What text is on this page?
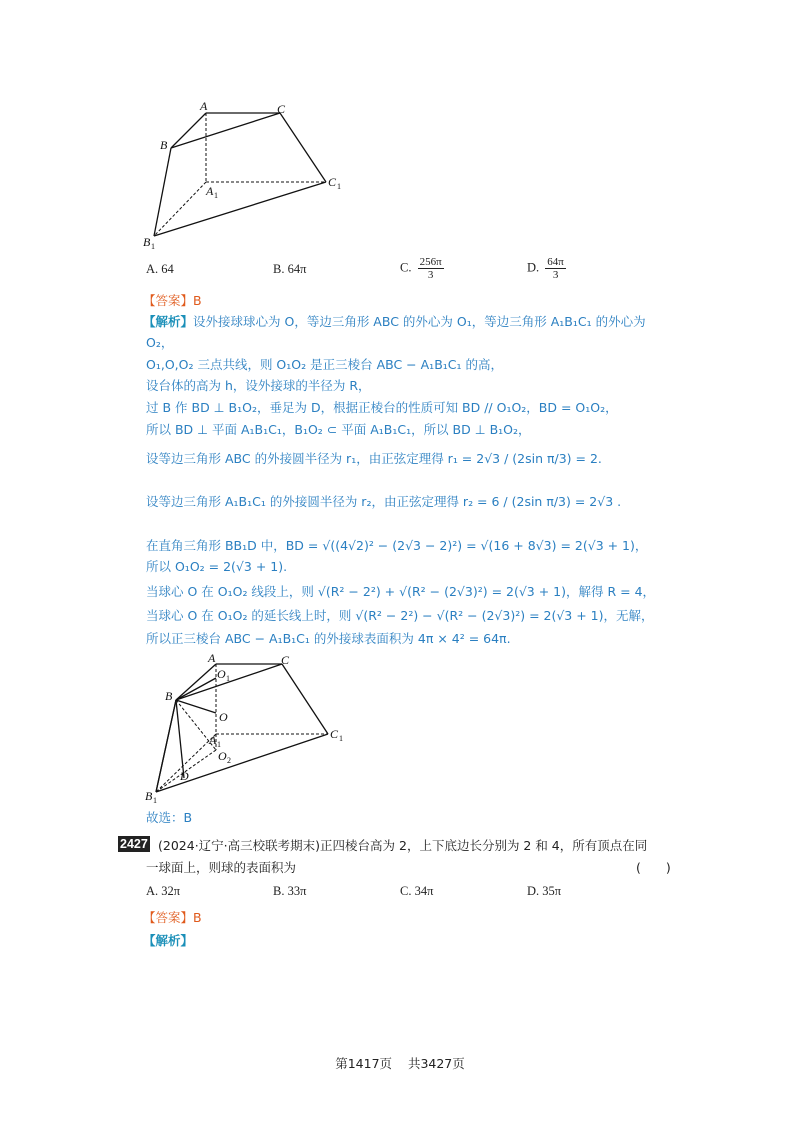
A	C
B
A 1
C 1
B 1
A. 64	B. 64π	C. $\frac{256\pi}{3}$	D. $\frac{64\pi}{3}$
【答案】B
【解析】设外接球球心为 O，等边三角形 ABC 的外心为 O₁，等边三角形 A₁B₁C₁ 的外心为
O₂，
O₁,O,O₂ 三点共线，则 O₁O₂ 是正三棱台 ABC − A₁B₁C₁ 的高，
设台体的高为 h，设外接球的半径为 R，
过 B 作 BD ⊥ B₁O₂，垂足为 D，根据正棱台的性质可知 BD // O₁O₂，BD = O₁O₂，
所以 BD ⊥ 平面 A₁B₁C₁，B₁O₂ ⊂ 平面 A₁B₁C₁，所以 BD ⊥ B₁O₂，
设等边三角形 ABC 的外接圆半径为 r₁，由正弦定理得 r₁ = 2√3 / (2sin π/3) = 2.
设等边三角形 A₁B₁C₁ 的外接圆半径为 r₂，由正弦定理得 r₂ = 6 / (2sin π/3) = 2√3 .
在直角三角形 BB₁D 中，BD = √((4√2)² − (2√3 − 2)²) = √(16 + 8√3) = 2(√3 + 1)，
所以 O₁O₂ = 2(√3 + 1).
当球心 O 在 O₁O₂ 线段上，则 √(R² − 2²) + √(R² − (2√3)²) = 2(√3 + 1)，解得 R = 4，
当球心 O 在 O₁O₂ 的延长线上时，则 √(R² − 2²) − √(R² − (2√3)²) = 2(√3 + 1)，无解，
所以正三棱台 ABC − A₁B₁C₁ 的外接球表面积为 4π × 4² = 64π.
A	C
B
O 1
O
A 1
O 2
C 1
D
B 1
故选：B
2427 (2024·辽宁·高三校联考期末)正四棱台高为 2，上下底边长分别为 2 和 4，所有顶点在同
一球面上，则球的表面积为	(　　)
A. 32π	B. 33π	C. 34π	D. 35π
【答案】B
【解析】
第1417页 共3427页
